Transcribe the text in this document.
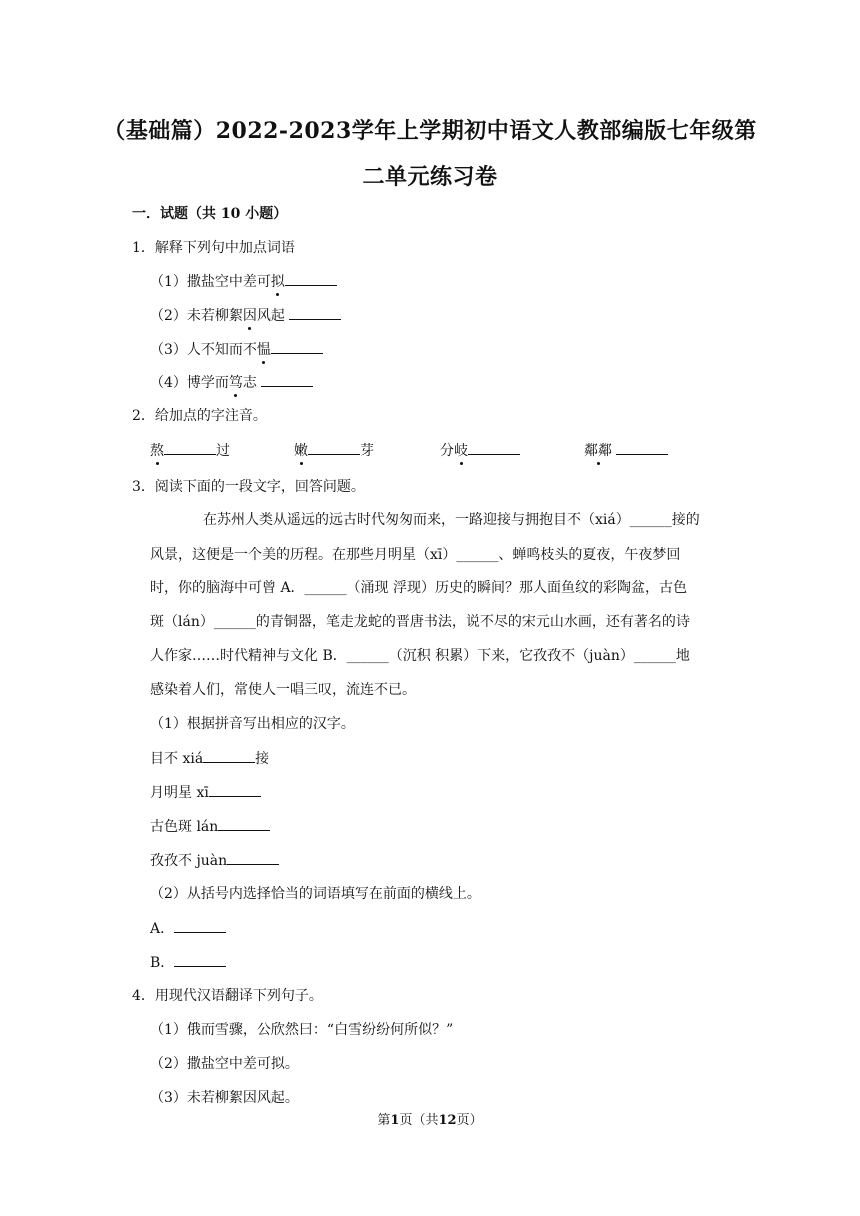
（基础篇）2022-2023学年上学期初中语文人教部编版七年级第
二单元练习卷
一．试题（共 10 小题）
1．解释下列句中加点词语
（1）撒盐空中差可拟
（2）未若柳絮因风起
（3）人不知而不愠
（4）博学而笃志
2．给加点的字注音。
熬	过	嫩	芽	分岐	鄰鄰
3．阅读下面的一段文字，回答问题。
在苏州人类从遥远的远古时代匆匆而来，一路迎接与拥抱目不（xiá）______接的
风景，这便是一个美的历程。在那些月明星（xī）______、蝉鸣枝头的夏夜，午夜梦回
时，你的脑海中可曾 A．______（涌现 浮现）历史的瞬间？那人面鱼纹的彩陶盆，古色
斑（lán）______的青铜器，笔走龙蛇的晋唐书法，说不尽的宋元山水画，还有著名的诗
人作家……时代精神与文化 B．______（沉积 积累）下来，它孜孜不（juàn）______地
感染着人们，常使人一唱三叹，流连不已。
（1）根据拼音写出相应的汉字。
目不 xiá	接
月明星 xī
古色斑 lán
孜孜不 juàn
（2）从括号内选择恰当的词语填写在前面的横线上。
A．
B．
4．用现代汉语翻译下列句子。
（1）俄而雪骤，公欣然曰：“白雪纷纷何所似？”
（2）撒盐空中差可拟。
（3）未若柳絮因风起。
第1页（共12页）
